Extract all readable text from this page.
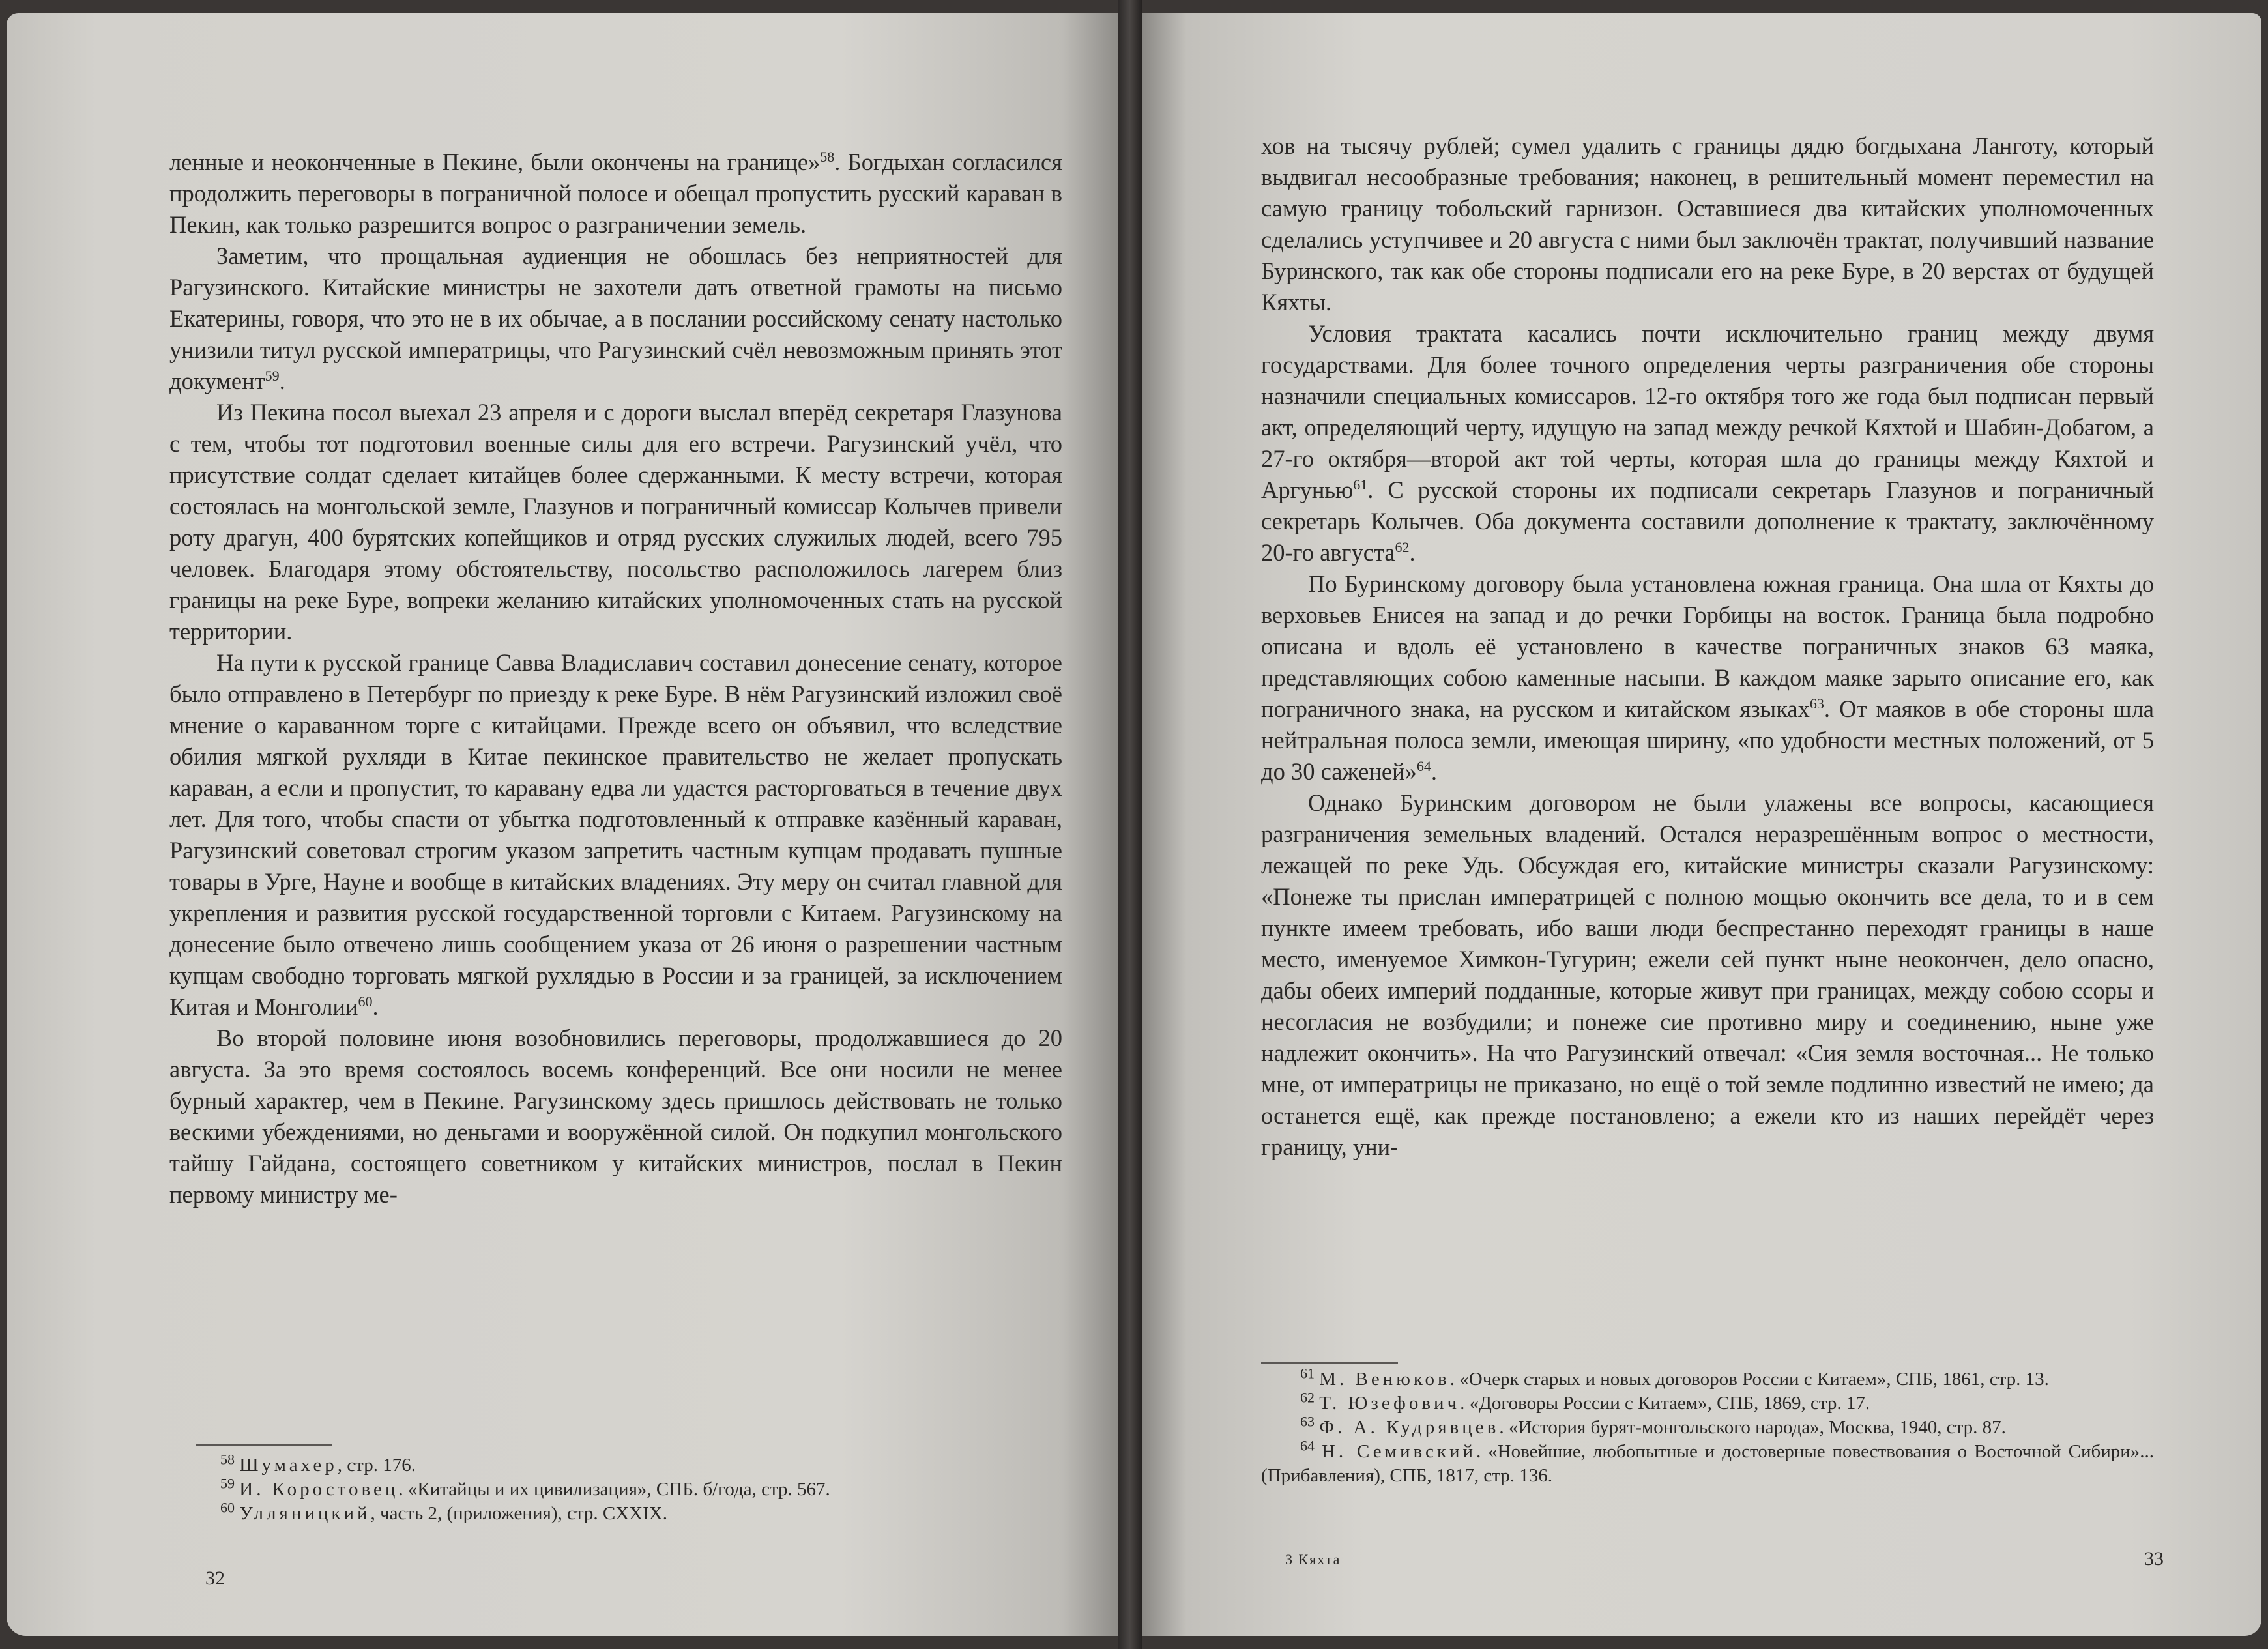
ленные и неоконченные в Пекине, были окончены на границе»$^{58}$. Богдыхан согласился продолжить переговоры в пограничной полосе и обещал пропустить русский караван в Пекин, как только разрешится вопрос о разграничении земель.

Заметим, что прощальная аудиенция не обошлась без неприятностей для Рагузинского. Китайские министры не захотели дать ответной грамоты на письмо Екатерины, говоря, что это не в их обычае, а в послании российскому сенату настолько унизили титул русской императрицы, что Рагузинский счёл невозможным принять этот документ$^{59}$.

Из Пекина посол выехал 23 апреля и с дороги выслал вперёд секретаря Глазунова с тем, чтобы тот подготовил военные силы для его встречи. Рагузинский учёл, что присутствие солдат сделает китайцев более сдержанными. К месту встречи, которая состоялась на монгольской земле, Глазунов и пограничный комиссар Колычев привели роту драгун, 400 бурятских копейщиков и отряд русских служилых людей, всего 795 человек. Благодаря этому обстоятельству, посольство расположилось лагерем близ границы на реке Буре, вопреки желанию китайских уполномоченных стать на русской территории.

На пути к русской границе Савва Владиславич составил донесение сенату, которое было отправлено в Петербург по приезду к реке Буре. В нём Рагузинский изложил своё мнение о караванном торге с китайцами. Прежде всего он объявил, что вследствие обилия мягкой рухляди в Китае пекинское правительство не желает пропускать караван, а если и пропустит, то каравану едва ли удастся расторговаться в течение двух лет. Для того, чтобы спасти от убытка подготовленный к отправке казённый караван, Рагузинский советовал строгим указом запретить частным купцам продавать пушные товары в Урге, Науне и вообще в китайских владениях. Эту меру он считал главной для укрепления и развития русской государственной торговли с Китаем. Рагузинскому на донесение было отвечено лишь сообщением указа от 26 июня о разрешении частным купцам свободно торговать мягкой рухлядью в России и за границей, за исключением Китая и Монголии$^{60}$.

Во второй половине июня возобновились переговоры, продолжавшиеся до 20 августа. За это время состоялось восемь конференций. Все они носили не менее бурный характер, чем в Пекине. Рагузинскому здесь пришлось действовать не только вескими убеждениями, но деньгами и вооружённой силой. Он подкупил монгольского тайшу Гайдана, состоящего советником у китайских министров, послал в Пекин первому министру ме-

$^{58}$ Шумахер, стр. 176.

$^{59}$ И. Коростовец. «Китайцы и их цивилизация», СПБ. б/года, стр. 567.

$^{60}$ Улляницкий, часть 2, (приложения), стр. CXXIX.

32

хов на тысячу рублей; сумел удалить с границы дядю богдыхана Ланготу, который выдвигал несообразные требования; наконец, в решительный момент переместил на самую границу тобольский гарнизон. Оставшиеся два китайских уполномоченных сделались уступчивее и 20 августа с ними был заключён трактат, получивший название Буринского, так как обе стороны подписали его на реке Буре, в 20 верстах от будущей Кяхты.

Условия трактата касались почти исключительно границ между двумя государствами. Для более точного определения черты разграничения обе стороны назначили специальных комиссаров. 12-го октября того же года был подписан первый акт, определяющий черту, идущую на запад между речкой Кяхтой и Шабин-Добагом, а 27-го октября—второй акт той черты, которая шла до границы между Кяхтой и Аргунью$^{61}$. С русской стороны их подписали секретарь Глазунов и пограничный секретарь Колычев. Оба документа составили дополнение к трактату, заключённому 20-го августа$^{62}$.

По Буринскому договору была установлена южная граница. Она шла от Кяхты до верховьев Енисея на запад и до речки Горбицы на восток. Граница была подробно описана и вдоль её установлено в качестве пограничных знаков 63 маяка, представляющих собою каменные насыпи. В каждом маяке зарыто описание его, как пограничного знака, на русском и китайском языках$^{63}$. От маяков в обе стороны шла нейтральная полоса земли, имеющая ширину, «по удобности местных положений, от 5 до 30 саженей»$^{64}$.

Однако Буринским договором не были улажены все вопросы, касающиеся разграничения земельных владений. Остался неразрешённым вопрос о местности, лежащей по реке Удь. Обсуждая его, китайские министры сказали Рагузинскому: «Понеже ты прислан императрицей с полною мощью окончить все дела, то и в сем пункте имеем требовать, ибо ваши люди беспрестанно переходят границы в наше место, именуемое Химкон-Тугурин; ежели сей пункт ныне неокончен, дело опасно, дабы обеих империй подданные, которые живут при границах, между собою ссоры и несогласия не возбудили; и понеже сие противно миру и соединению, ныне уже надлежит окончить». На что Рагузинский отвечал: «Сия земля восточная... Не только мне, от императрицы не приказано, но ещё о той земле подлинно известий не имею; да останется ещё, как прежде постановлено; а ежели кто из наших перейдёт через границу, уни-

$^{61}$ М. Венюков. «Очерк старых и новых договоров России с Китаем», СПБ, 1861, стр. 13.

$^{62}$ Т. Юзефович. «Договоры России с Китаем», СПБ, 1869, стр. 17.

$^{63}$ Ф. А. Кудрявцев. «История бурят-монгольского народа», Москва, 1940, стр. 87.

$^{64}$ Н. Семивский. «Новейшие, любопытные и достоверные повествования о Восточной Сибири»... (Прибавления), СПБ, 1817, стр. 136.

3 Кяхта	33
